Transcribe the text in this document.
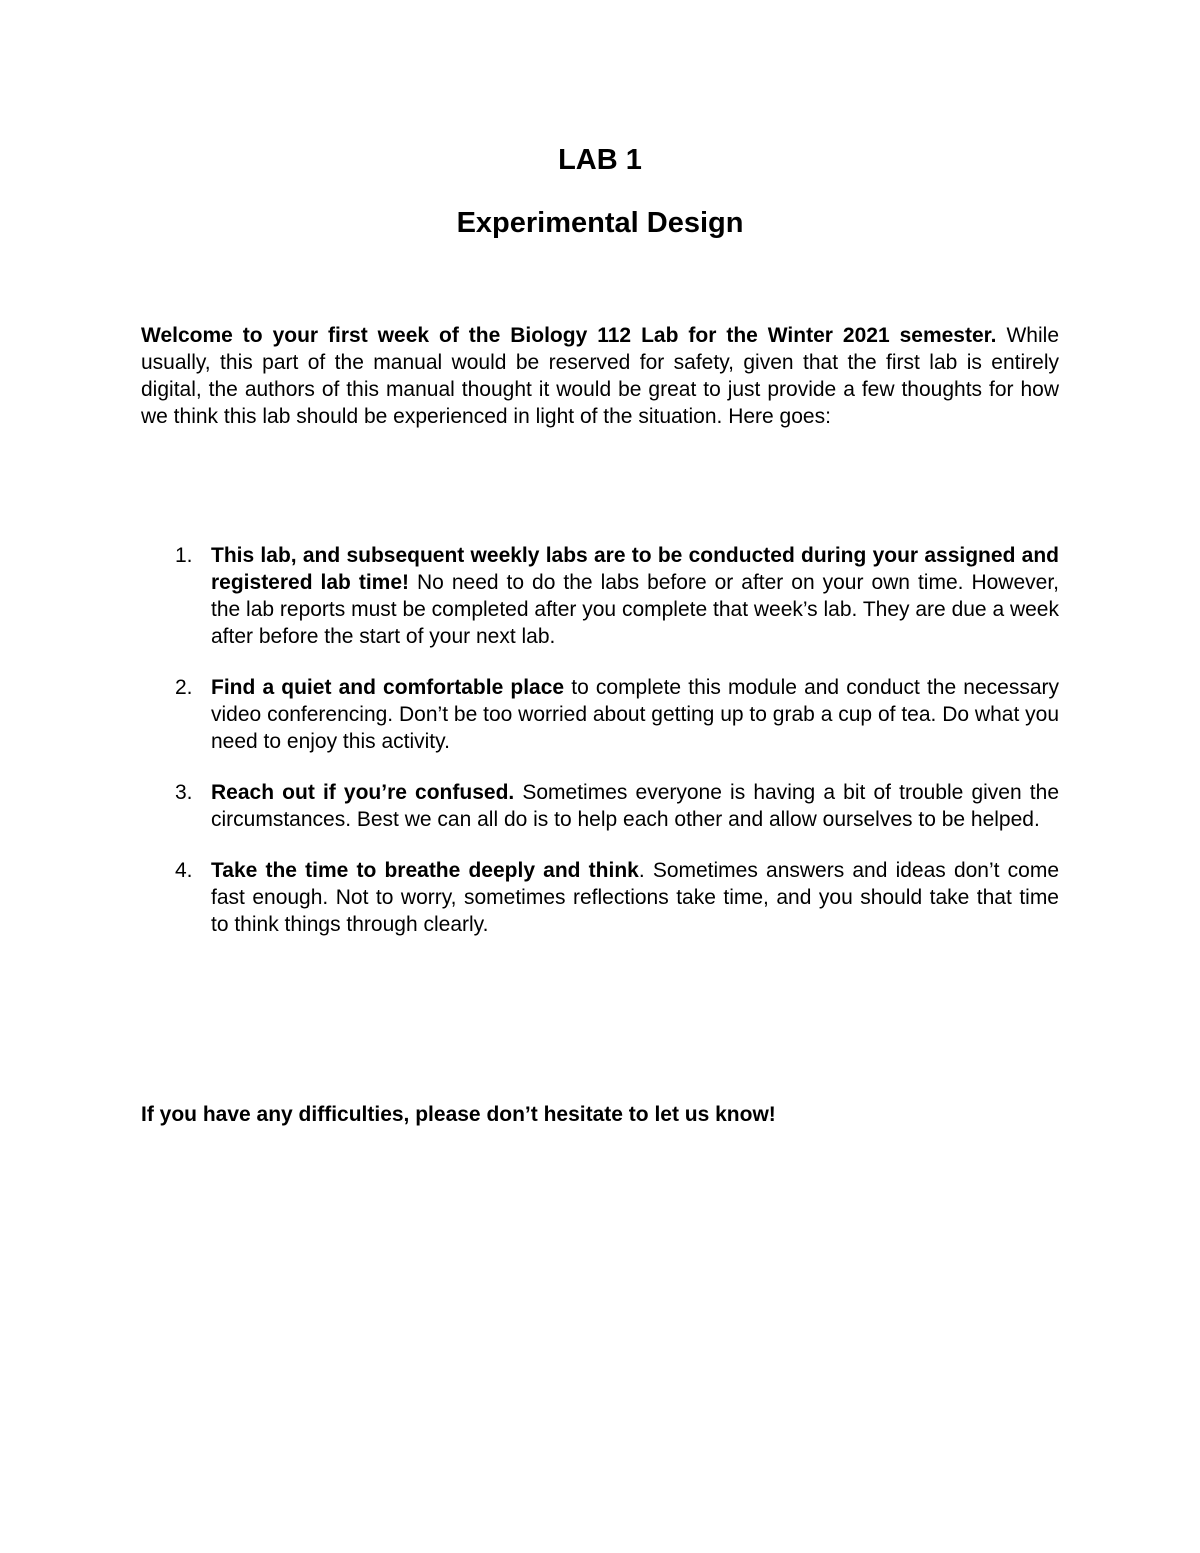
LAB 1
Experimental Design

Welcome to your first week of the Biology 112 Lab for the Winter 2021 semester. While usually, this part of the manual would be reserved for safety, given that the first lab is entirely digital, the authors of this manual thought it would be great to just provide a few thoughts for how we think this lab should be experienced in light of the situation. Here goes:

1. This lab, and subsequent weekly labs are to be conducted during your assigned and registered lab time! No need to do the labs before or after on your own time. However, the lab reports must be completed after you complete that week’s lab. They are due a week after before the start of your next lab.
2. Find a quiet and comfortable place to complete this module and conduct the necessary video conferencing. Don’t be too worried about getting up to grab a cup of tea. Do what you need to enjoy this activity.
3. Reach out if you’re confused. Sometimes everyone is having a bit of trouble given the circumstances. Best we can all do is to help each other and allow ourselves to be helped.
4. Take the time to breathe deeply and think. Sometimes answers and ideas don’t come fast enough. Not to worry, sometimes reflections take time, and you should take that time to think things through clearly.

If you have any difficulties, please don’t hesitate to let us know!
